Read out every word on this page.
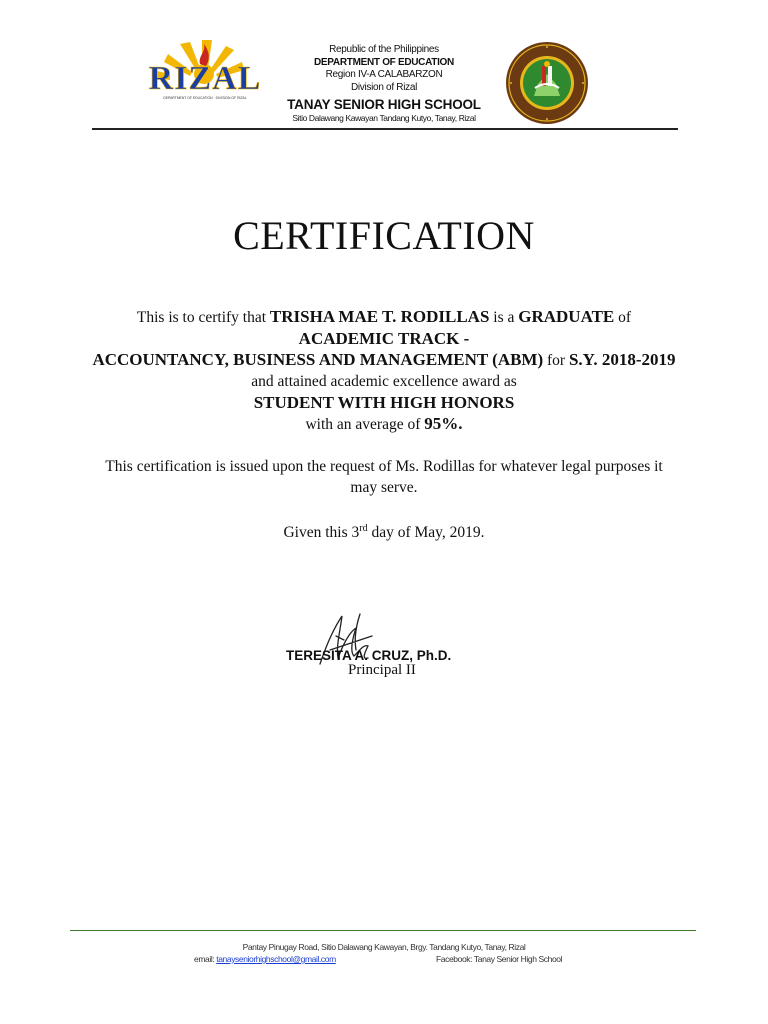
RIZAL
DEPARTMENT OF EDUCATION · DIVISION OF RIZAL
Republic of the Philippines
DEPARTMENT OF EDUCATION
Region IV-A CALABARZON
Division of Rizal
TANAY SENIOR HIGH SCHOOL
Sitio Dalawang Kawayan Tandang Kutyo, Tanay, Rizal
CERTIFICATION
This is to certify that TRISHA MAE T. RODILLAS is a GRADUATE of
ACADEMIC TRACK -
ACCOUNTANCY, BUSINESS AND MANAGEMENT (ABM) for S.Y. 2018-2019
and attained academic excellence award as
STUDENT WITH HIGH HONORS
with an average of 95%.
This certification is issued upon the request of Ms. Rodillas for whatever legal purposes it may serve.
Given this 3rd day of May, 2019.
TERESITA A. CRUZ, Ph.D.
Principal II
Pantay Pinugay Road, Sitio Dalawang Kawayan, Brgy. Tandang Kutyo, Tanay, Rizal
email: tanayseniorhighschool@gmail.com	Facebook: Tanay Senior High School
